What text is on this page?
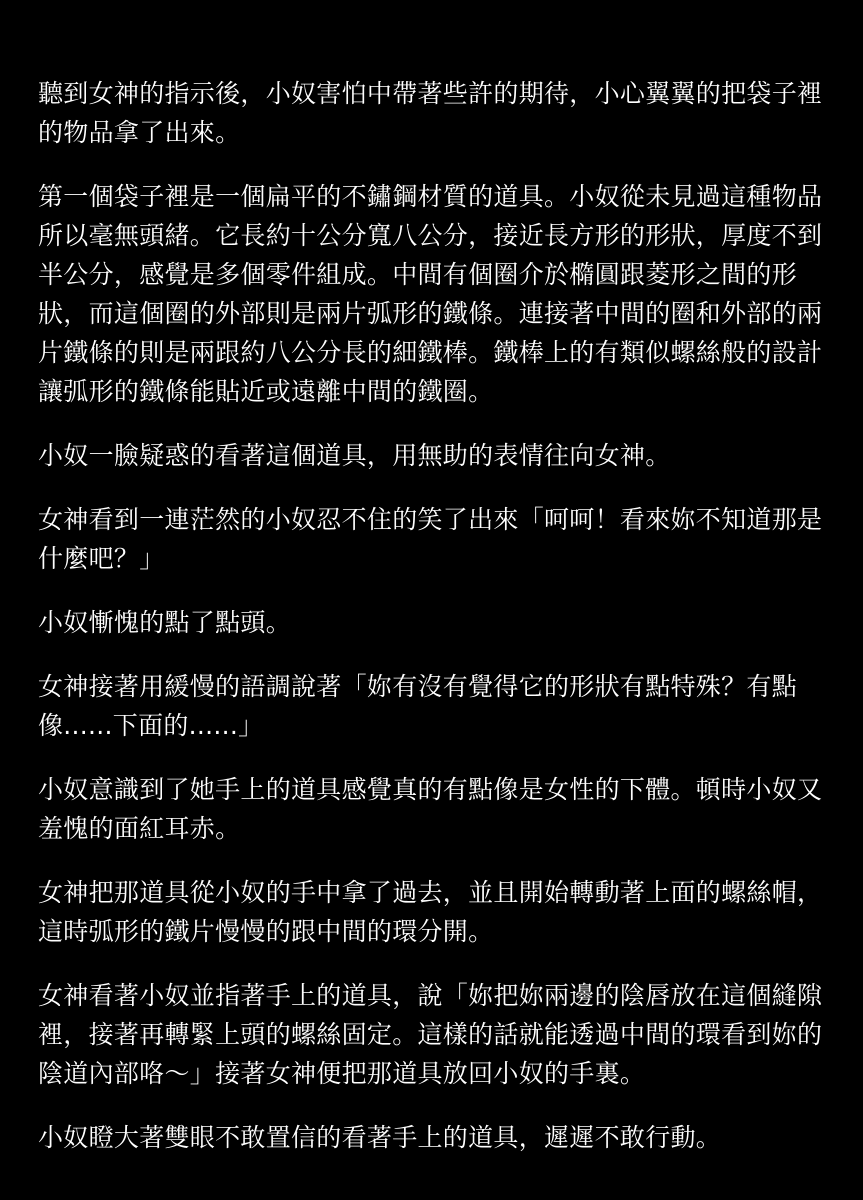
聽到女神的指示後，小奴害怕中帶著些許的期待，小心翼翼的把袋子裡的物品拿了出來。

第一個袋子裡是一個扁平的不鏽鋼材質的道具。小奴從未見過這種物品所以毫無頭緒。它長約十公分寬八公分，接近長方形的形狀，厚度不到半公分，感覺是多個零件組成。中間有個圈介於橢圓跟菱形之間的形狀，而這個圈的外部則是兩片弧形的鐵條。連接著中間的圈和外部的兩片鐵條的則是兩跟約八公分長的細鐵棒。鐵棒上的有類似螺絲般的設計讓弧形的鐵條能貼近或遠離中間的鐵圈。

小奴一臉疑惑的看著這個道具，用無助的表情往向女神。

女神看到一連茫然的小奴忍不住的笑了出來「呵呵！看來妳不知道那是什麼吧？」

小奴慚愧的點了點頭。

女神接著用緩慢的語調說著「妳有沒有覺得它的形狀有點特殊？有點像......下面的......」

小奴意識到了她手上的道具感覺真的有點像是女性的下體。頓時小奴又羞愧的面紅耳赤。

女神把那道具從小奴的手中拿了過去，並且開始轉動著上面的螺絲帽，這時弧形的鐵片慢慢的跟中間的環分開。

女神看著小奴並指著手上的道具，說「妳把妳兩邊的陰唇放在這個縫隙裡，接著再轉緊上頭的螺絲固定。這樣的話就能透過中間的環看到妳的陰道內部咯～」接著女神便把那道具放回小奴的手裏。

小奴瞪大著雙眼不敢置信的看著手上的道具，遲遲不敢行動。
